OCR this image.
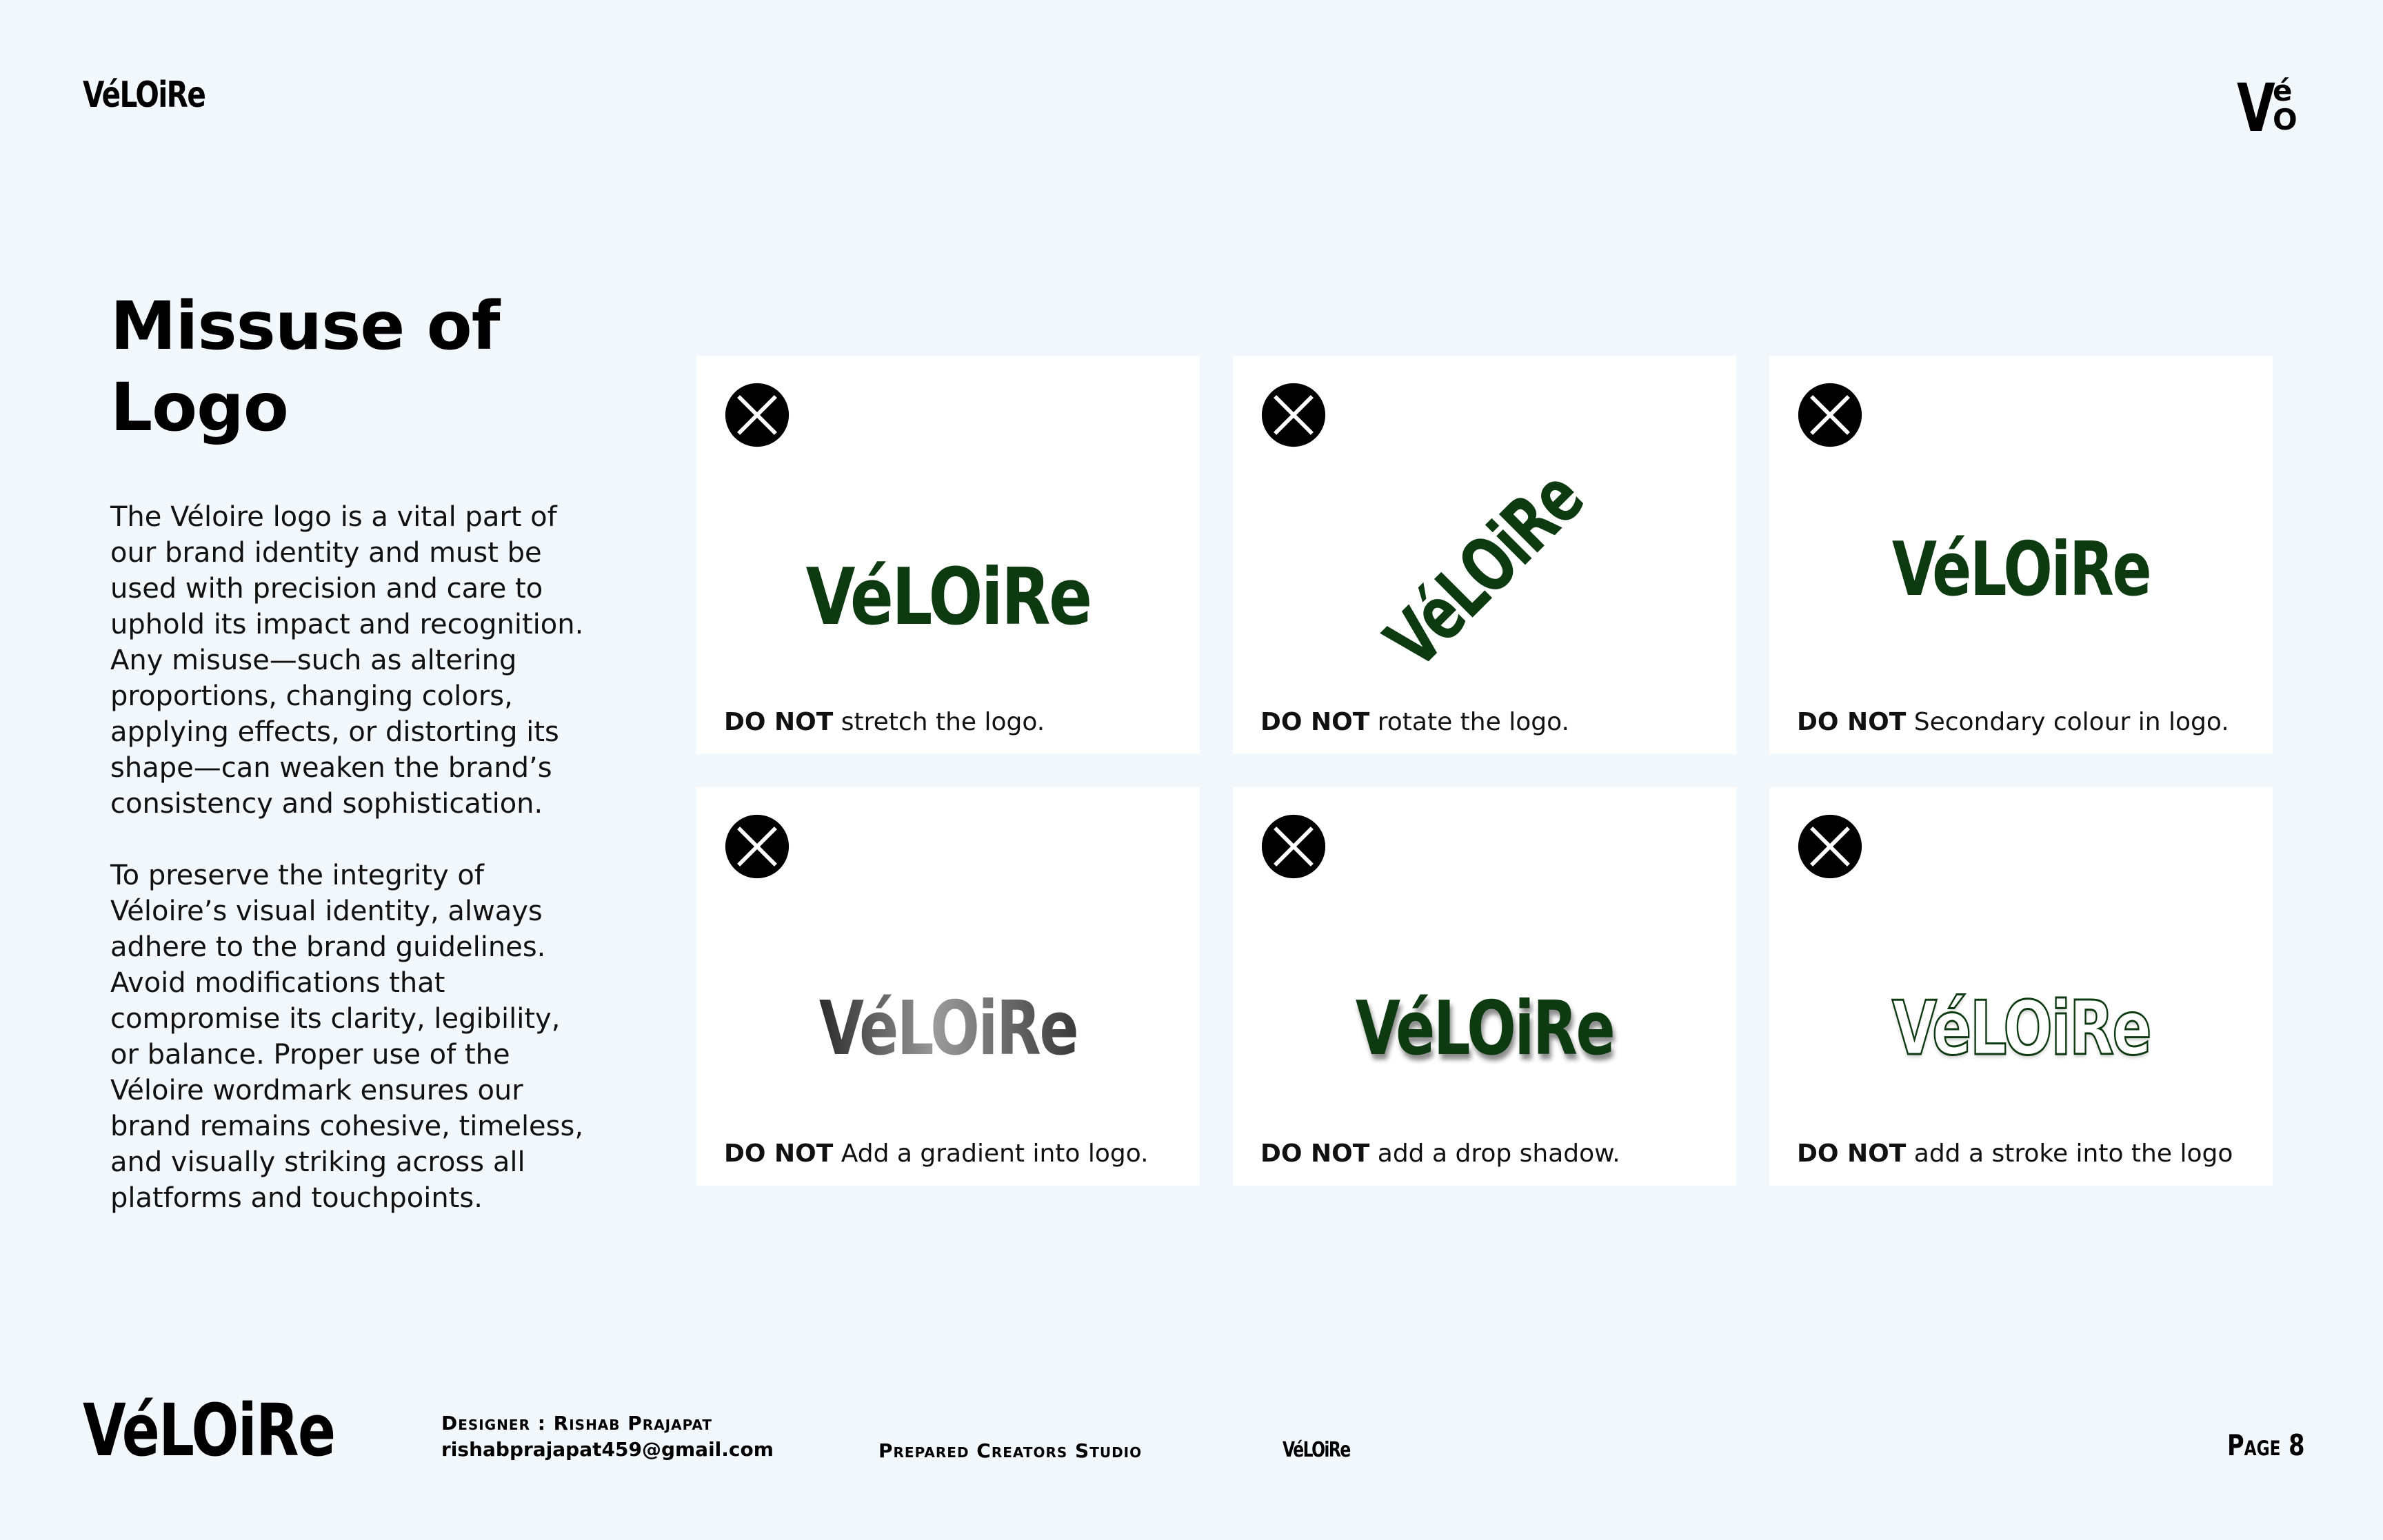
VéLOiRe	V
é
O
Missuse of Logo

The Véloire logo is a vital part of our brand identity and must be used with precision and care to uphold its impact and recognition. Any misuse—such as altering proportions, changing colors, applying effects, or distorting its shape—can weaken the brand’s consistency and sophistication.

To preserve the integrity of Véloire’s visual identity, always adhere to the brand guidelines. Avoid modifications that compromise its clarity, legibility, or balance. Proper use of the Véloire wordmark ensures our brand remains cohesive, timeless, and visually striking across all platforms and touchpoints.

VéLOiRe
DO NOT stretch the logo.
VéLOiRe
DO NOT rotate the logo.
VéLOiRe
DO NOT Secondary colour in logo.
VéLOiRe
DO NOT Add a gradient into logo.
VéLOiRe
DO NOT add a drop shadow.
VéLOiRe
DO NOT add a stroke into the logo
VéLOiRe	Designer : Rishab Prajapat
rishabprajapat459@gmail.com	Prepared Creators Studio	VéLOiRe	Page 8
